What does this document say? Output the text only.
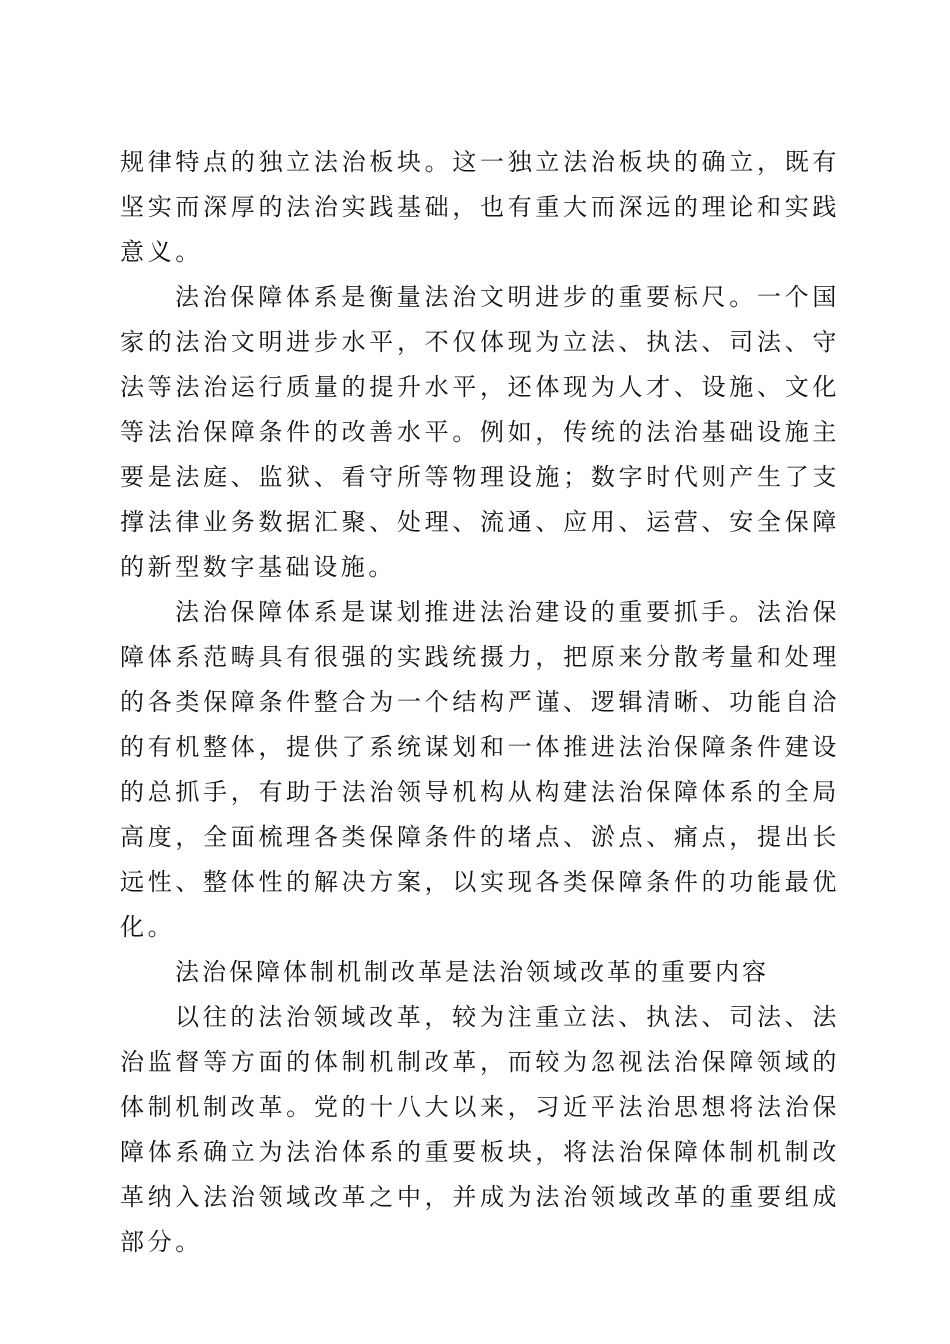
规律特点的独立法治板块。这一独立法治板块的确立，既有坚实而深厚的法治实践基础，也有重大而深远的理论和实践意义。

法治保障体系是衡量法治文明进步的重要标尺。一个国家的法治文明进步水平，不仅体现为立法、执法、司法、守法等法治运行质量的提升水平，还体现为人才、设施、文化等法治保障条件的改善水平。例如，传统的法治基础设施主要是法庭、监狱、看守所等物理设施；数字时代则产生了支撑法律业务数据汇聚、处理、流通、应用、运营、安全保障的新型数字基础设施。

法治保障体系是谋划推进法治建设的重要抓手。法治保障体系范畴具有很强的实践统摄力，把原来分散考量和处理的各类保障条件整合为一个结构严谨、逻辑清晰、功能自洽的有机整体，提供了系统谋划和一体推进法治保障条件建设的总抓手，有助于法治领导机构从构建法治保障体系的全局高度，全面梳理各类保障条件的堵点、淤点、痛点，提出长远性、整体性的解决方案，以实现各类保障条件的功能最优化。

法治保障体制机制改革是法治领域改革的重要内容

以往的法治领域改革，较为注重立法、执法、司法、法治监督等方面的体制机制改革，而较为忽视法治保障领域的体制机制改革。党的十八大以来，习近平法治思想将法治保障体系确立为法治体系的重要板块，将法治保障体制机制改革纳入法治领域改革之中，并成为法治领域改革的重要组成部分。
